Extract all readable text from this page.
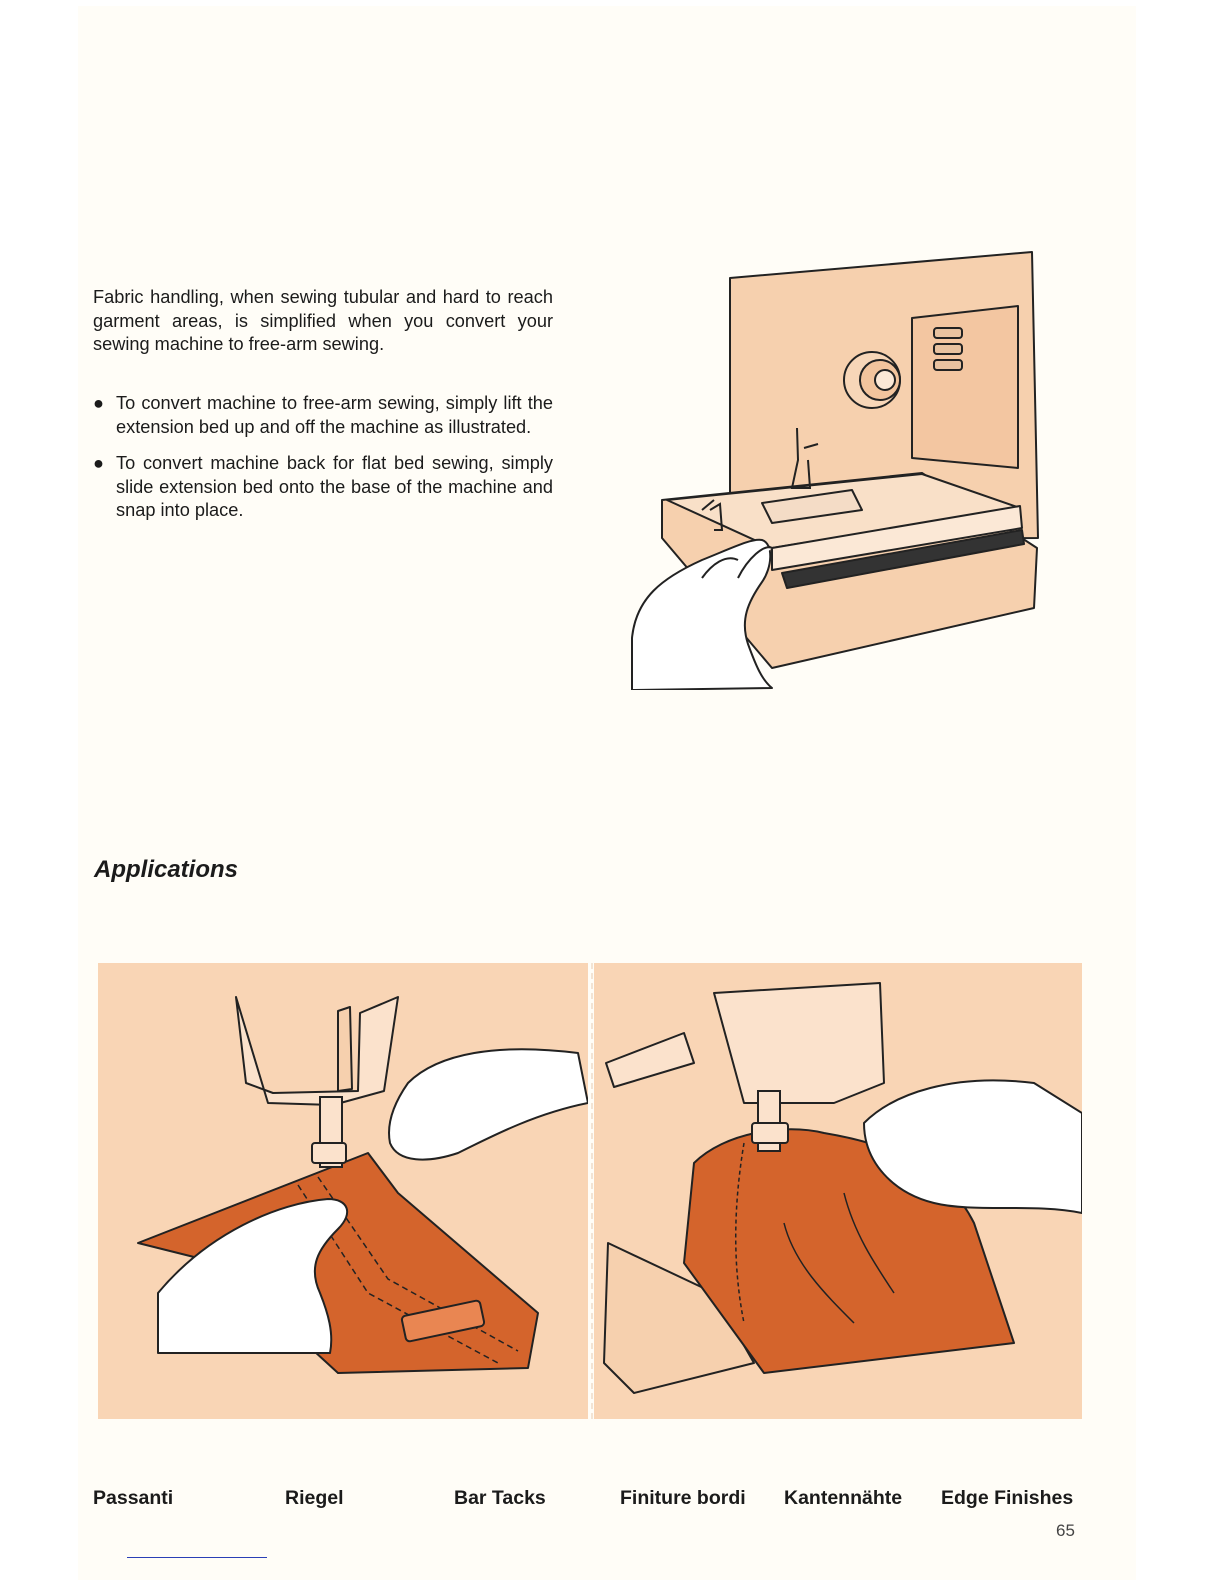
Fabric handling, when sewing tubular and hard to reach garment areas, is simplified when you convert your sewing machine to free-arm sewing.

● To convert machine to free-arm sewing, simply lift the extension bed up and off the machine as illustrated.
● To convert machine back for flat bed sewing, simply slide extension bed onto the base of the machine and snap into place.
Applications
Passanti	Riegel	Bar Tacks	Finiture bordi Kantennähte Edge Finishes
65
